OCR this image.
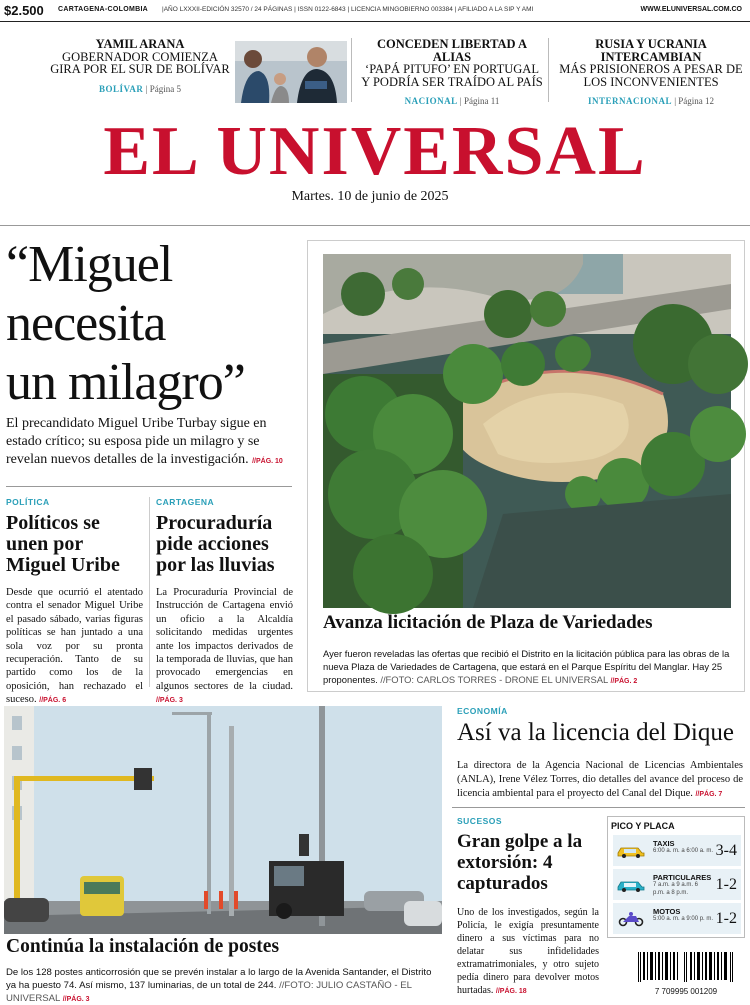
$2.500 CARTAGENA-COLOMBIA |AÑO LXXXII-EDICIÓN 32570 / 24 PÁGINAS | ISSN 0122-6843 | LICENCIA MINGOBIERNO 003384 | AFILIADO A LA SIP Y AMI	WWW.ELUNIVERSAL.COM.CO
YAMIL ARANA
GOBERNADOR COMIENZA GIRA POR EL SUR DE BOLÍVAR
BOLÍVAR | Página 5
CONCEDEN LIBERTAD A ALIAS
‘PAPÁ PITUFO’ EN PORTUGAL Y PODRÍA SER TRAÍDO AL PAÍS
NACIONAL | Página 11
RUSIA Y UCRANIA INTERCAMBIAN
MÁS PRISIONEROS A PESAR DE LOS INCONVENIENTES
INTERNACIONAL | Página 12
EL UNIVERSAL
Martes. 10 de junio de 2025
“Miguel
necesita
un milagro”
El precandidato Miguel Uribe Turbay sigue en estado crítico; su esposa pide un milagro y se revelan nuevos detalles de la investigación. //PÁG. 10
POLÍTICA
Políticos se
unen por
Miguel Uribe
Desde que ocurrió el atentado contra el senador Miguel Uribe el pasado sábado, varias figuras políticas se han juntado a una sola voz por su pronta recuperación. Tanto de su partido como los de la oposición, han rechazado el suceso. //PÁG. 6
CARTAGENA
Procuraduría
pide acciones
por las lluvias
La Procuraduría Provincial de Instrucción de Cartagena envió un oficio a la Alcaldía solicitando medidas urgentes ante los impactos derivados de la temporada de lluvias, que han provocado emergencias en algunos sectores de la ciudad. //PÁG. 3
Avanza licitación de Plaza de Variedades
Ayer fueron reveladas las ofertas que recibió el Distrito en la licitación pública para las obras de la nueva Plaza de Variedades de Cartagena, que estará en el Parque Espíritu del Manglar. Hay 25 proponentes. //FOTO: CARLOS TORRES - DRONE EL UNIVERSAL //PÁG. 2
Continúa la instalación de postes
De los 128 postes anticorrosión que se prevén instalar a lo largo de la Avenida Santander, el Distrito ya ha puesto 74. Así mismo, 137 luminarias, de un total de 244. //FOTO: JULIO CASTAÑO - EL UNIVERSAL //PÁG. 3
ECONOMÍA
Así va la licencia del Dique
La directora de la Agencia Nacional de Licencias Ambientales (ANLA), Irene Vélez Torres, dio detalles del avance del proceso de licencia ambiental para el proyecto del Canal del Dique. //PÁG. 7
SUCESOS
Gran golpe a la
extorsión: 4
capturados
Uno de los investigados, según la Policía, le exigía presuntamente dinero a sus víctimas para no delatar sus infidelidades extramatrimoniales, y otro sujeto pedía dinero para devolver motos hurtadas. //PÁG. 18
PICO Y PLACA
TAXIS
6:00 a. m. a 6:00 a. m. 3-4
PARTICULARES
7 a.m. a 9 a.m. 6 p.m. a 8 p.m.	1-2
MOTOS
5:00 a. m. a 9:00 p. m. 1-2
7 709995 001209
